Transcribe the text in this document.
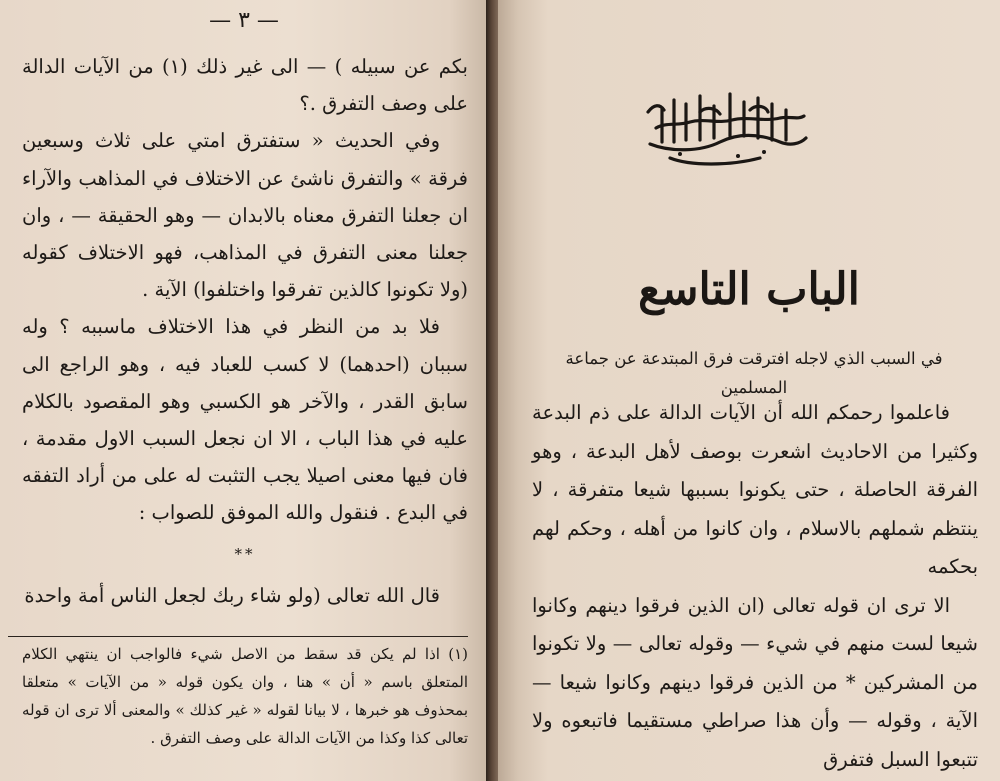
— ٣ —

بكم عن سبيله ) — الى غير ذلك (١) من الآيات الدالة على وصف التفرق .؟

وفي الحديث « ستفترق امتي على ثلاث وسبعين فرقة » والتفرق ناشئ عن الاختلاف في المذاهب والآراء ان جعلنا التفرق معناه بالابدان — وهو الحقيقة — ، وان جعلنا معنى التفرق في المذاهب، فهو الاختلاف كقوله (ولا تكونوا كالذين تفرقوا واختلفوا) الآية .

فلا بد من النظر في هذا الاختلاف ماسببه ؟ وله سببان (احدهما) لا كسب للعباد فيه ، وهو الراجع الى سابق القدر ، والآخر هو الكسبي وهو المقصود بالكلام عليه في هذا الباب ، الا ان نجعل السبب الاول مقدمة ، فان فيها معنى اصيلا يجب التثبت له على من أراد التفقه في البدع . فنقول والله الموفق للصواب :

**

قال الله تعالى (ولو شاء ربك لجعل الناس أمة واحدة

(١) اذا لم يكن قد سقط من الاصل شيء فالواجب ان ينتهي الكلام المتعلق باسم « أن » هنا ، وان يكون قوله « من الآيات » متعلقا بمحذوف هو خبرها ، لا بيانا لقوله « غير كذلك » والمعنى ألا ترى ان قوله تعالى كذا وكذا من الآيات الدالة على وصف التفرق .

الباب التاسع
في السبب الذي لاجله افترقت فرق المبتدعة عن جماعة المسلمين

فاعلموا رحمكم الله أن الآيات الدالة على ذم البدعة وكثيرا من الاحاديث اشعرت بوصف لأهل البدعة ، وهو الفرقة الحاصلة ، حتى يكونوا بسببها شيعا متفرقة ، لا ينتظم شملهم بالاسلام ، وان كانوا من أهله ، وحكم لهم بحكمه

الا ترى ان قوله تعالى (ان الذين فرقوا دينهم وكانوا شيعا لست منهم في شيء — وقوله تعالى — ولا تكونوا من المشركين * من الذين فرقوا دينهم وكانوا شيعا — الآية ، وقوله — وأن هذا صراطي مستقيما فاتبعوه ولا تتبعوا السبل فتفرق
